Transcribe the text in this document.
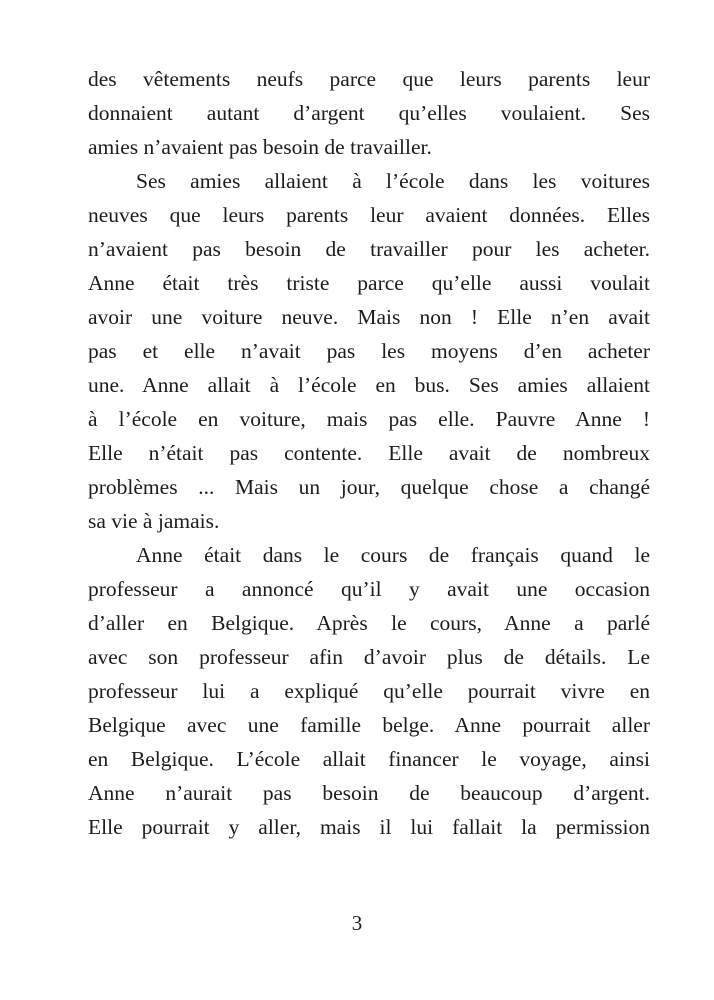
des vêtements neufs parce que leurs parents leur
donnaient autant d’argent qu’elles voulaient. Ses
amies n’avaient pas besoin de travailler.
Ses amies allaient à l’école dans les voitures
neuves que leurs parents leur avaient données. Elles
n’avaient pas besoin de travailler pour les acheter.
Anne était très triste parce qu’elle aussi voulait
avoir une voiture neuve. Mais non ! Elle n’en avait
pas et elle n’avait pas les moyens d’en acheter
une. Anne allait à l’école en bus. Ses amies allaient
à l’école en voiture, mais pas elle. Pauvre Anne !
Elle n’était pas contente. Elle avait de nombreux
problèmes ... Mais un jour, quelque chose a changé
sa vie à jamais.
Anne était dans le cours de français quand le
professeur a annoncé qu’il y avait une occasion
d’aller en Belgique. Après le cours, Anne a parlé
avec son professeur afin d’avoir plus de détails. Le
professeur lui a expliqué qu’elle pourrait vivre en
Belgique avec une famille belge. Anne pourrait aller
en Belgique. L’école allait financer le voyage, ainsi
Anne n’aurait pas besoin de beaucoup d’argent.
Elle pourrait y aller, mais il lui fallait la permission
3
